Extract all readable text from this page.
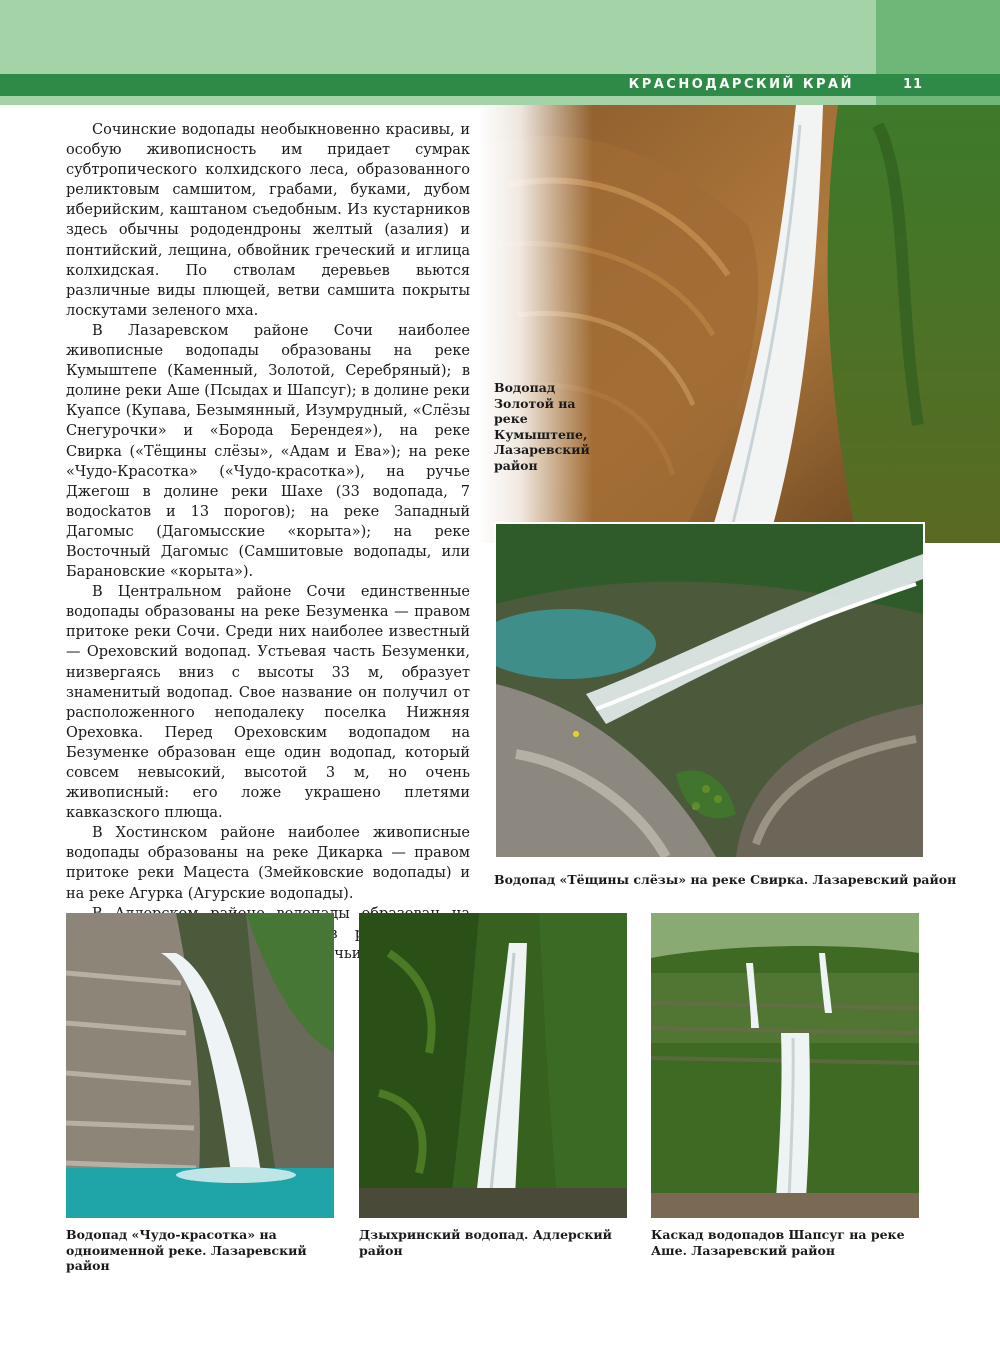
КРАСНОДАРСКИЙ КРАЙ	11
Водопад Золотой на реке Кумыштепе, Лазаревский район

Сочинские водопады необыкновенно красивы, и особую живописность им придает сумрак субтропического колхидского леса, образованного реликтовым самшитом, грабами, буками, дубом иберийским, каштаном съедобным. Из кустарников здесь обычны рододендроны желтый (азалия) и понтийский, лещина, обвойник греческий и иглица колхидская. По стволам деревьев вьются различные виды плющей, ветви самшита покрыты лоскутами зеленого мха.

В Лазаревском районе Сочи наиболее живописные водопады образованы на реке Кумыштепе (Каменный, Золотой, Серебряный); в долине реки Аше (Псыдах и Шапсуг); в долине реки Куапсе (Купава, Безымянный, Изумрудный, «Слёзы Снегурочки» и «Борода Берендея»), на реке Свирка («Тёщины слёзы», «Адам и Ева»); на реке «Чудо-Красотка» («Чудо-красотка»), на ручье Джегош в долине реки Шахе (33 водопада, 7 водосkатов и 13 порогов); на реке Западный Дагомыс (Дагомысские «корыта»); на реке Восточный Дагомыс (Самшитовые водопады, или Барановские «корыта»).

В Центральном районе Сочи единственные водопады образованы на реке Безуменка — правом притоке реки Сочи. Среди них наиболее известный — Ореховский водопад. Устьевая часть Безуменки, низвергаясь вниз с высоты 33 м, образует знаменитый водопад. Свое название он получил от расположенного неподалеку поселка Нижняя Ореховка. Перед Ореховским водопадом на Безуменке образован еще один водопад, который совсем невысокий, высотой 3 м, но очень живописный: его ложе украшено плетями кавказского плюща.

В Хостинском районе наиболее живописные водопады образованы на реке Дикарка — правом притоке реки Мацеста (Змейковские водопады) и на реке Агурка (Агурские водопады).

Водопад «Тёщины слёзы» на реке Свирка. Лазаревский район
Водопад «Чудо-красотка» на одноименной реке. Лазаревский район
Дзыхринский водопад. Адлерский район
Каскад водопадов Шапсуг на реке Аше. Лазаревский район
